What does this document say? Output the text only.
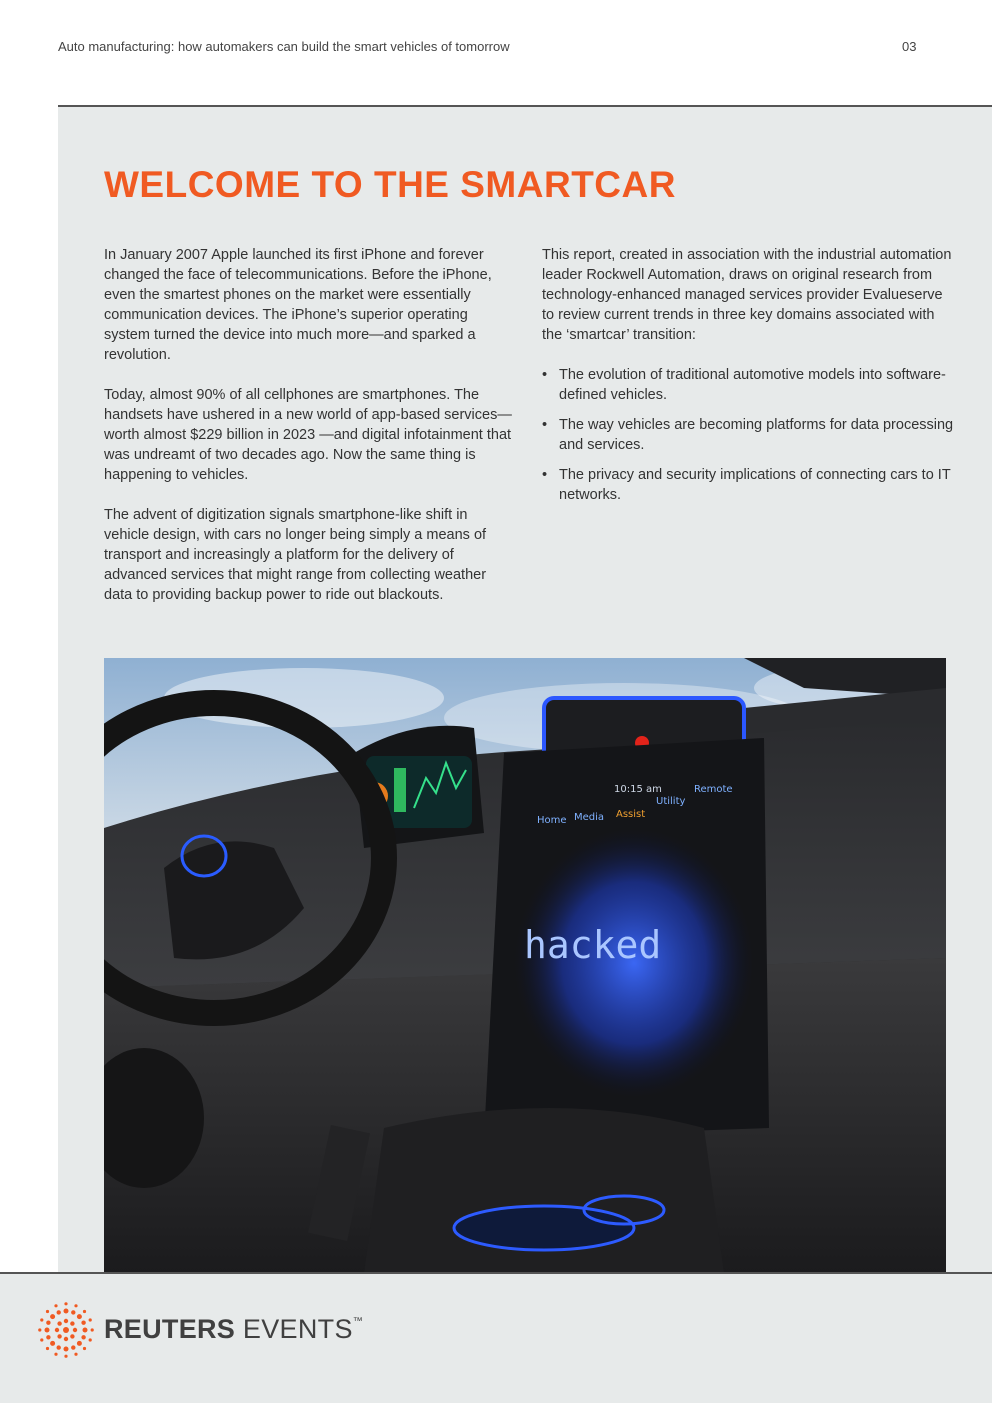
Auto manufacturing: how automakers can build the smart vehicles of tomorrow	03
WELCOME TO THE SMARTCAR

In January 2007 Apple launched its first iPhone and forever changed the face of telecommunications. Before the iPhone, even the smartest phones on the market were essentially communication devices. The iPhone’s superior operating system turned the device into much more—and sparked a revolution.

Today, almost 90% of all cellphones are smartphones. The handsets have ushered in a new world of app-based services—worth almost $229 billion in 2023 —and digital infotainment that was undreamt of two decades ago. Now the same thing is happening to vehicles.

The advent of digitization signals smartphone-like shift in vehicle design, with cars no longer being simply a means of transport and increasingly a platform for the delivery of advanced services that might range from collecting weather data to providing backup power to ride out blackouts.

This report, created in association with the industrial automation leader Rockwell Automation, draws on original research from technology-enhanced managed services provider Evalueserve to review current trends in three key domains associated with the ‘smartcar’ transition:

• The evolution of traditional automotive models into software-defined vehicles.
• The way vehicles are becoming platforms for data processing and services.
• The privacy and security implications of connecting cars to IT networks.
Home Media Assist
Utility
Remote
10:15 am
hacked
REUTERS EVENTS™
